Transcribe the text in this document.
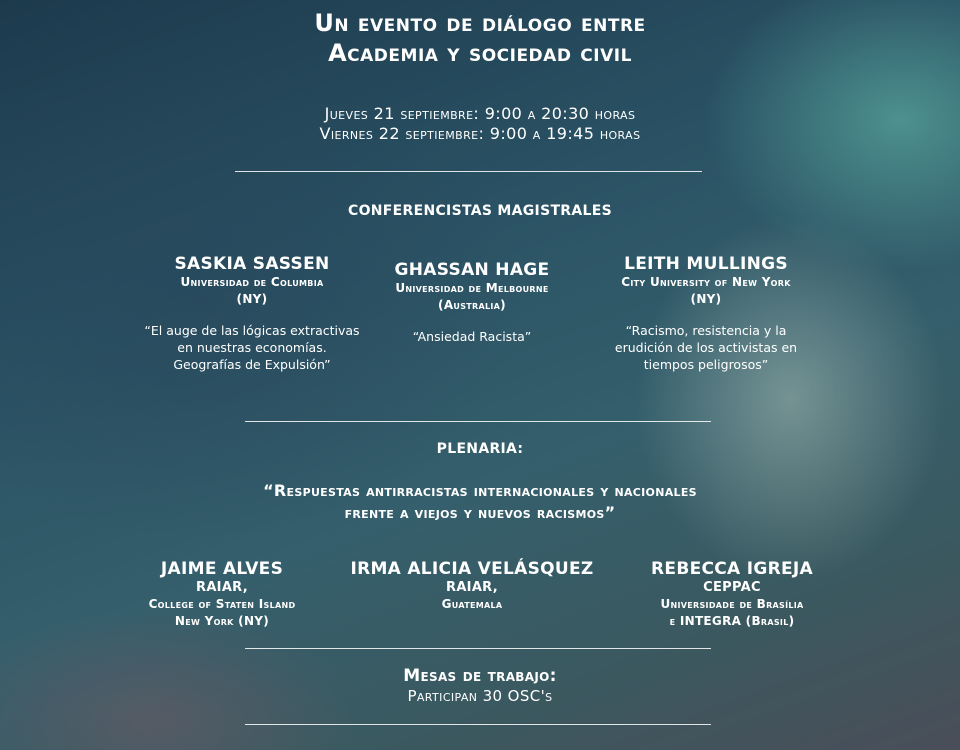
Un evento de diálogo entre
Academia y sociedad civil
Jueves 21 septiembre: 9:00 a 20:30 horas
Viernes 22 septiembre: 9:00 a 19:45 horas
CONFERENCISTAS MAGISTRALES
SASKIA SASSEN
Universidad de Columbia
(NY)
“El auge de las lógicas extractivas
en nuestras economías.
Geografías de Expulsión”
GHASSAN HAGE
Universidad de Melbourne
(Australia)
“Ansiedad Racista”
LEITH MULLINGS
City University of New York
(NY)
“Racismo, resistencia y la
erudición de los activistas en
tiempos peligrosos”
PLENARIA:
“Respuestas antirracistas internacionales y nacionales
frente a viejos y nuevos racismos”
JAIME ALVES
RAIAR,
College of Staten Island
New York (NY)
IRMA ALICIA VELÁSQUEZ
RAIAR,
Guatemala
REBECCA IGREJA
CEPPAC
Universidade de Brasília
e INTEGRA (Brasil)
Mesas de trabajo:
Participan 30 OSC's
